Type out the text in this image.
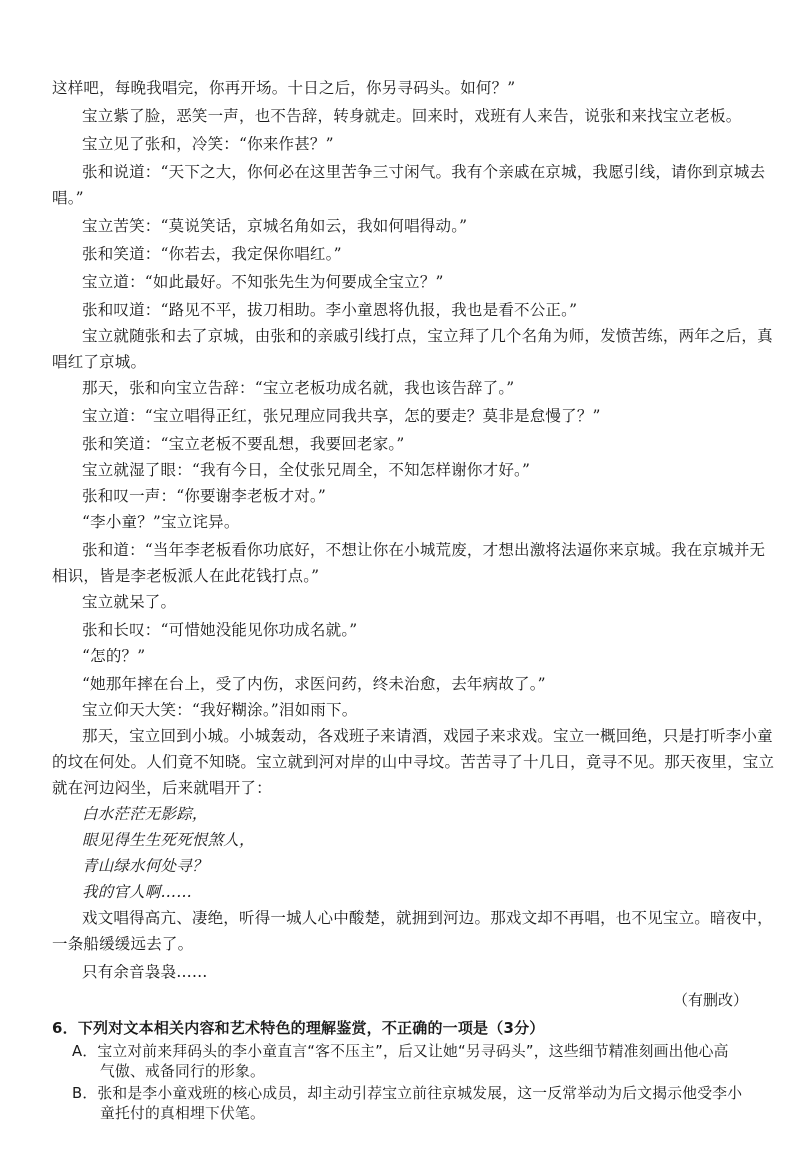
这样吧，每晚我唱完，你再开场。十日之后，你另寻码头。如何？”
宝立紫了脸，恶笑一声，也不告辞，转身就走。回来时，戏班有人来告，说张和来找宝立老板。
宝立见了张和，冷笑：“你来作甚？”
张和说道：“天下之大，你何必在这里苦争三寸闲气。我有个亲戚在京城，我愿引线，请你到京城去
唱。”
宝立苦笑：“莫说笑话，京城名角如云，我如何唱得动。”
张和笑道：“你若去，我定保你唱红。”
宝立道：“如此最好。不知张先生为何要成全宝立？”
张和叹道：“路见不平，拔刀相助。李小童恩将仇报，我也是看不公正。”
宝立就随张和去了京城，由张和的亲戚引线打点，宝立拜了几个名角为师，发愤苦练，两年之后，真
唱红了京城。
那天，张和向宝立告辞：“宝立老板功成名就，我也该告辞了。”
宝立道：“宝立唱得正红，张兄理应同我共享，怎的要走？莫非是怠慢了？”
张和笑道：“宝立老板不要乱想，我要回老家。”
宝立就湿了眼：“我有今日，全仗张兄周全，不知怎样谢你才好。”
张和叹一声：“你要谢李老板才对。”
“李小童？”宝立诧异。
张和道：“当年李老板看你功底好，不想让你在小城荒废，才想出激将法逼你来京城。我在京城并无
相识，皆是李老板派人在此花钱打点。”
宝立就呆了。
张和长叹：“可惜她没能见你功成名就。”
“怎的？”
“她那年摔在台上，受了内伤，求医问药，终未治愈，去年病故了。”
宝立仰天大笑：“我好糊涂。”泪如雨下。
那天，宝立回到小城。小城轰动，各戏班子来请酒，戏园子来求戏。宝立一概回绝，只是打听李小童
的坟在何处。人们竟不知晓。宝立就到河对岸的山中寻坟。苦苦寻了十几日，竟寻不见。那天夜里，宝立
就在河边闷坐，后来就唱开了：
白水茫茫无影踪，
眼见得生生死死恨煞人，
青山绿水何处寻？
我的官人啊……
戏文唱得高亢、凄绝，听得一城人心中酸楚，就拥到河边。那戏文却不再唱，也不见宝立。暗夜中，
一条船缓缓远去了。
只有余音袅袅……
（有删改）
6．下列对文本相关内容和艺术特色的理解鉴赏，不正确的一项是（3分）
A．宝立对前来拜码头的李小童直言“客不压主”，后又让她“另寻码头”，这些细节精准刻画出他心高
气傲、戒备同行的形象。
B．张和是李小童戏班的核心成员，却主动引荐宝立前往京城发展，这一反常举动为后文揭示他受李小
童托付的真相埋下伏笔。
